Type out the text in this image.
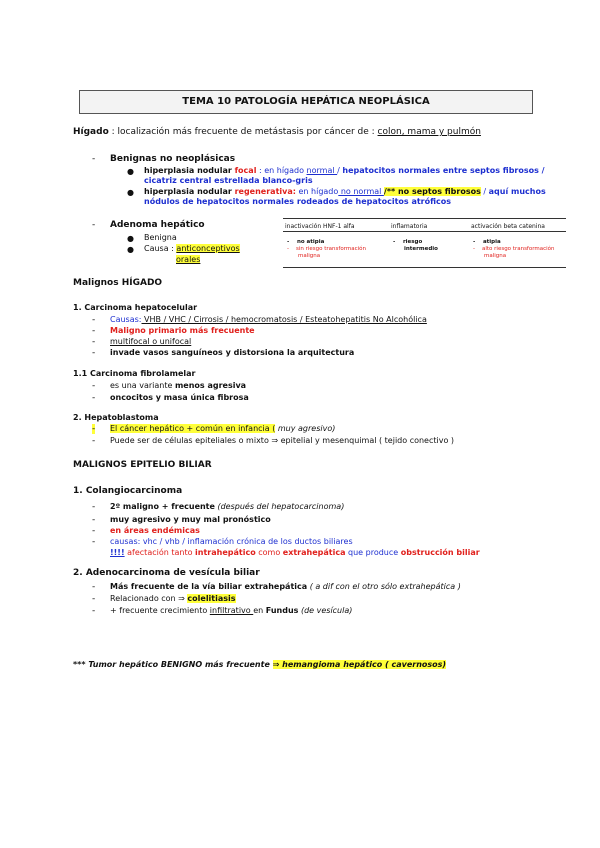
TEMA 10 PATOLOGÍA HEPÁTICA NEOPLÁSICA
Hígado : localización más frecuente de metástasis por cáncer de : colon, mama y pulmón
- Benignas no neoplásicas
● hiperplasia nodular focal : en hígado normal / hepatocitos normales entre septos fibrosos /
cicatriz central estrellada blanco-gris
● hiperplasia nodular regenerativa: en hígado no normal /** no septos fibrosos / aquí muchos
nódulos de hepatocitos normales rodeados de hepatocitos atróficos
- Adenoma hepático
● Benigna
● Causa : anticonceptivos
orales
inactivación HNF-1 alfa	inflamatoria	activación beta catenina
-    no atipia
-    sin riesgo transformación
maligna
-    riesgo
intermedio
-    atipia
-    alto riesgo transformación
maligna
Malignos HÍGADO
1. Carcinoma hepatocelular
- Causas: VHB / VHC / Cirrosis / hemocromatosis / Esteatohepatitis No Alcohólica
- Maligno primario más frecuente
- multifocal o unifocal
- invade vasos sanguíneos y distorsiona la arquitectura
1.1 Carcinoma fibrolamelar
- es una variante menos agresiva
- oncocitos y masa única fibrosa
2. Hepatoblastoma
- El cáncer hepático + común en infancia ( muy agresivo)
- Puede ser de células epiteliales o mixto ⇒ epitelial y mesenquimal ( tejido conectivo )
MALIGNOS EPITELIO BILIAR
1. Colangiocarcinoma
- 2º maligno + frecuente (después del hepatocarcinoma)
- muy agresivo y muy mal pronóstico
- en áreas endémicas
- causas: vhc / vhb / inflamación crónica de los ductos biliares
!!!! afectación tanto intrahepático como extrahepática que produce obstrucción biliar
2. Adenocarcinoma de vesícula biliar
- Más frecuente de la vía biliar extrahepática ( a dif con el otro sólo extrahepática )
- Relacionado con ⇒ colelitiasis
- + frecuente crecimiento infiltrativo en Fundus (de vesícula)
*** Tumor hepático BENIGNO más frecuente ⇒ hemangioma hepático ( cavernosos)
